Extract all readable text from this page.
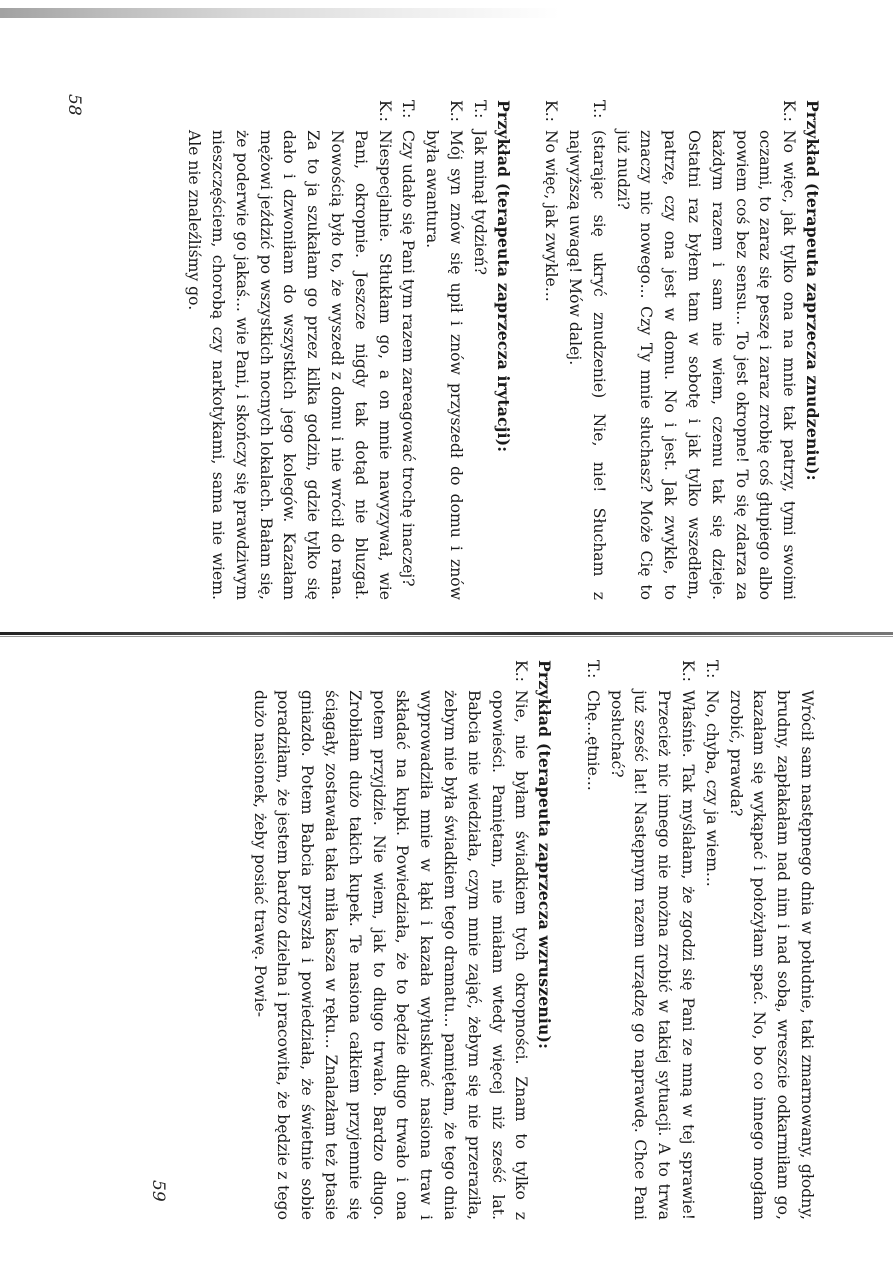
Przykład (terapeuta zaprzecza znudzeniu):
K.:
No więc, jak tylko ona na mnie tak patrzy, tymi swoimi oczami, to zaraz się peszę i zaraz zrobię coś głupiego albo powiem coś bez sensu... To jest okropne! To się zdarza za każdym razem i sam nie wiem, czemu tak się dzieje. Ostatni raz byłem tam w sobotę i jak tylko wszedłem, patrzę, czy ona jest w domu. No i jest. Jak zwykle, to znaczy nic nowego... Czy Ty mnie słuchasz? Może Cię to już nudzi?
T.:
(starając się ukryć znudzenie) Nie, nie! Słucham z najwyższą uwagą! Mów dalej.
K.:
No więc, jak zwykle...
Przykład (terapeuta zaprzecza irytacji):
T.:
Jak minął tydzień?
K.:
Mój syn znów się upił i znów przyszedł do domu i znów była awantura.
T.:
Czy udało się Pani tym razem zareagować trochę inaczej?
K.:
Niespecjalnie. Stłukłam go, a on mnie nawyzywał, wie Pani, okropnie. Jeszcze nigdy tak dotąd nie bluzgał. Nowością było to, że wyszedł z domu i nie wrócił do rana. Za to ja szukałam go przez kilka godzin, gdzie tylko się dało i dzwoniłam do wszystkich jego kolegów. Kazałam mężowi jeździć po wszystkich nocnych lokalach. Bałam się, że poderwie go jakaś... wie Pani, i skończy się prawdziwym nieszczęściem, chorobą czy narkotykami, sama nie wiem. Ale nie znaleźliśmy go.
58
Wrócił sam następnego dnia w południe, taki zmarnowany, głodny, brudny, zapłakałam nad nim i nad sobą, wreszcie odkarmiłam go, kazałam się wykąpać i położyłam spać. No, bo co innego mogłam zrobić, prawda?
T.:
No, chyba, czy ja wiem...
K.:
Właśnie. Tak myślałam, że zgodzi się Pani ze mną w tej sprawie! Przecież nic innego nie można zrobić w takiej sytuacji. A to trwa już sześć lat! Następnym razem urządzę go naprawdę. Chce Pani posłuchać?
T.:
Chę...ętnie...
Przykład (terapeuta zaprzecza wzruszeniu):
K.:
Nie, nie byłam świadkiem tych okropności. Znam to tylko z opowieści. Pamiętam, nie miałam wtedy więcej niż sześć lat. Babcia nie wiedziała, czym mnie zająć, żebym się nie przeraziła, żebym nie była świadkiem tego dramatu... pamiętam, że tego dnia wyprowadziła mnie w łąki i kazała wyłuskiwać nasiona traw i składać na kupki. Powiedziała, że to będzie długo trwało i ona potem przyjdzie. Nie wiem, jak to długo trwało. Bardzo długo. Zrobiłam dużo takich kupek. Te nasiona całkiem przyjemnie się ściągały, zostawała taka miła kasza w ręku... Znalazłam też ptasie gniazdo. Potem Babcia przyszła i powiedziała, że świetnie sobie poradziłam, że jestem bardzo dzielna i pracowita, że będzie z tego dużo nasionek, żeby posiać trawę. Powie-
59
